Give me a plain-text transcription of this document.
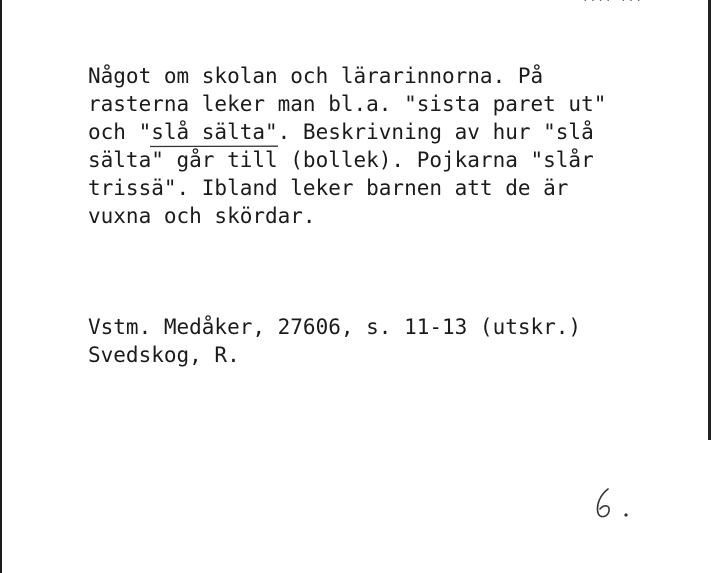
···· ···
Något om skolan och lärarinnorna. På
rasterna leker man bl.a. "sista paret ut"
och "slå sälta". Beskrivning av hur "slå
sälta" går till (bollek). Pojkarna "slår
trissä". Ibland leker barnen att de är
vuxna och skördar.
Vstm. Medåker, 27606, s. 11-13 (utskr.)
Svedskog, R.
